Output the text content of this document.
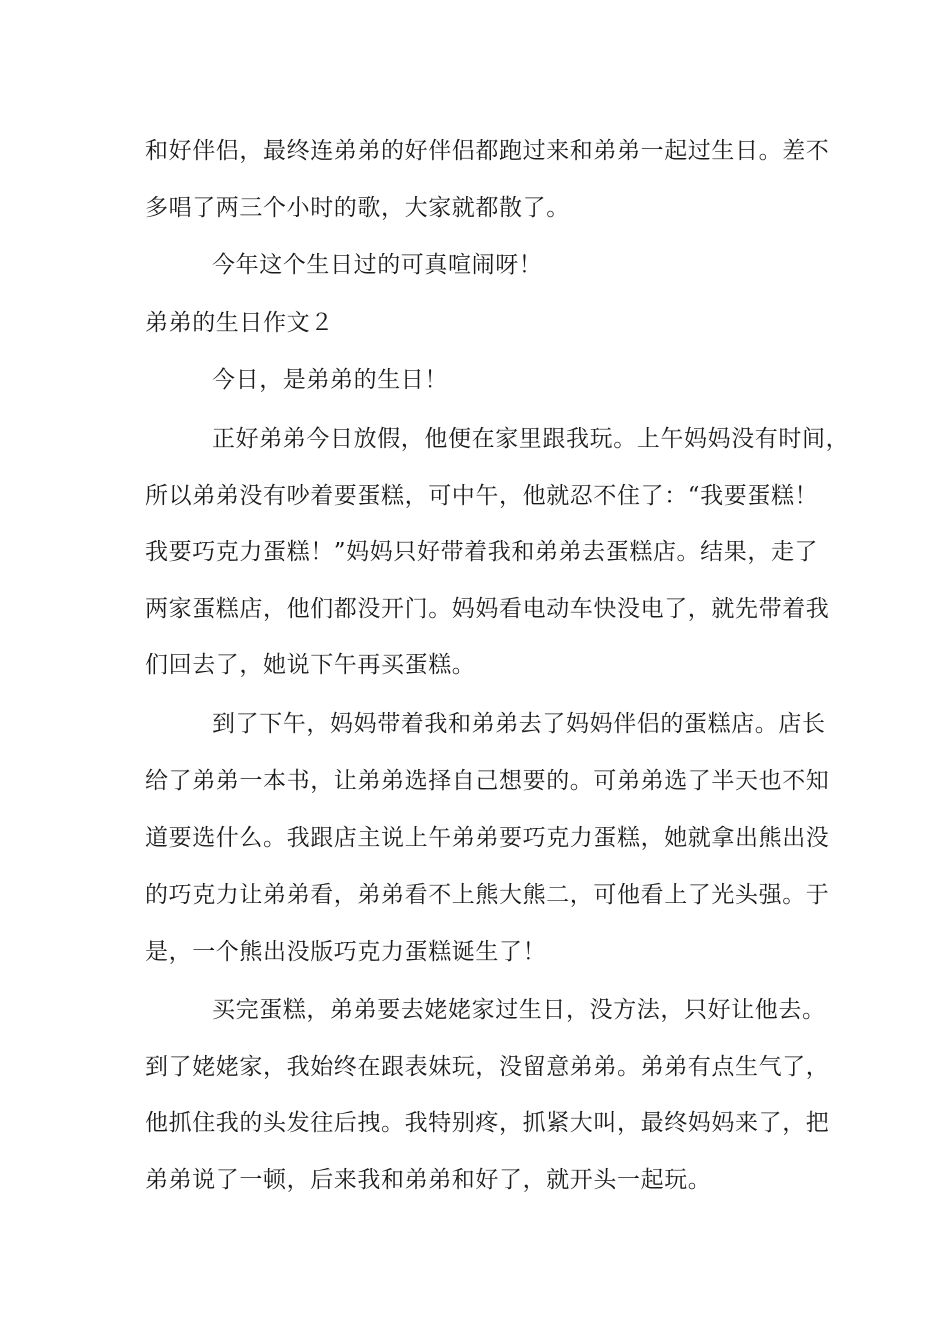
和好伴侣，最终连弟弟的好伴侣都跑过来和弟弟一起过生日。差不
多唱了两三个小时的歌，大家就都散了。
今年这个生日过的可真喧闹呀！
弟弟的生日作文２
今日，是弟弟的生日！
正好弟弟今日放假，他便在家里跟我玩。上午妈妈没有时间，
所以弟弟没有吵着要蛋糕，可中午，他就忍不住了：“我要蛋糕！
我要巧克力蛋糕！”妈妈只好带着我和弟弟去蛋糕店。结果，走了
两家蛋糕店，他们都没开门。妈妈看电动车快没电了，就先带着我
们回去了，她说下午再买蛋糕。
到了下午，妈妈带着我和弟弟去了妈妈伴侣的蛋糕店。店长
给了弟弟一本书，让弟弟选择自己想要的。可弟弟选了半天也不知
道要选什么。我跟店主说上午弟弟要巧克力蛋糕，她就拿出熊出没
的巧克力让弟弟看，弟弟看不上熊大熊二，可他看上了光头强。于
是，一个熊出没版巧克力蛋糕诞生了！
买完蛋糕，弟弟要去姥姥家过生日，没方法，只好让他去。
到了姥姥家，我始终在跟表妹玩，没留意弟弟。弟弟有点生气了，
他抓住我的头发往后拽。我特别疼，抓紧大叫，最终妈妈来了，把
弟弟说了一顿，后来我和弟弟和好了，就开头一起玩。
